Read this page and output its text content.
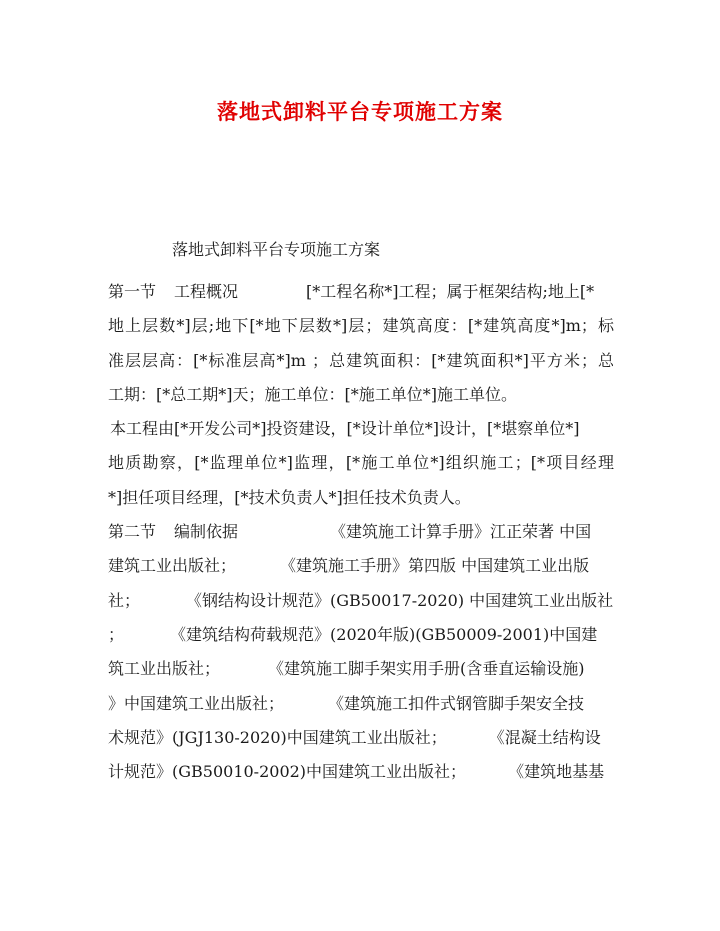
落地式卸料平台专项施工方案

落地式卸料平台专项施工方案

第一节 工程概况	[*工程名称*]工程；属于框架结构;地上[*
地上层数*]层;地下[*地下层数*]层；建筑高度：[*建筑高度*]m；标
准层层高：[*标准层高*]m ；总建筑面积：[*建筑面积*]平方米；总
工期：[*总工期*]天；施工单位：[*施工单位*]施工单位。
本工程由[*开发公司*]投资建设，[*设计单位*]设计，[*堪察单位*]
地质勘察，[*监理单位*]监理，[*施工单位*]组织施工；[*项目经理
*]担任项目经理，[*技术负责人*]担任技术负责人。
第二节 编制依据	《建筑施工计算手册》江正荣著 中国
建筑工业出版社；	《建筑施工手册》第四版 中国建筑工业出版
社；	《钢结构设计规范》(GB50017-2020) 中国建筑工业出版社
；	《建筑结构荷载规范》(2020年版)(GB50009-2001)中国建
筑工业出版社；	《建筑施工脚手架实用手册(含垂直运输设施)
》中国建筑工业出版社；	《建筑施工扣件式钢管脚手架安全技
术规范》(JGJ130-2020)中国建筑工业出版社；	《混凝土结构设
计规范》(GB50010-2002)中国建筑工业出版社；	《建筑地基基
